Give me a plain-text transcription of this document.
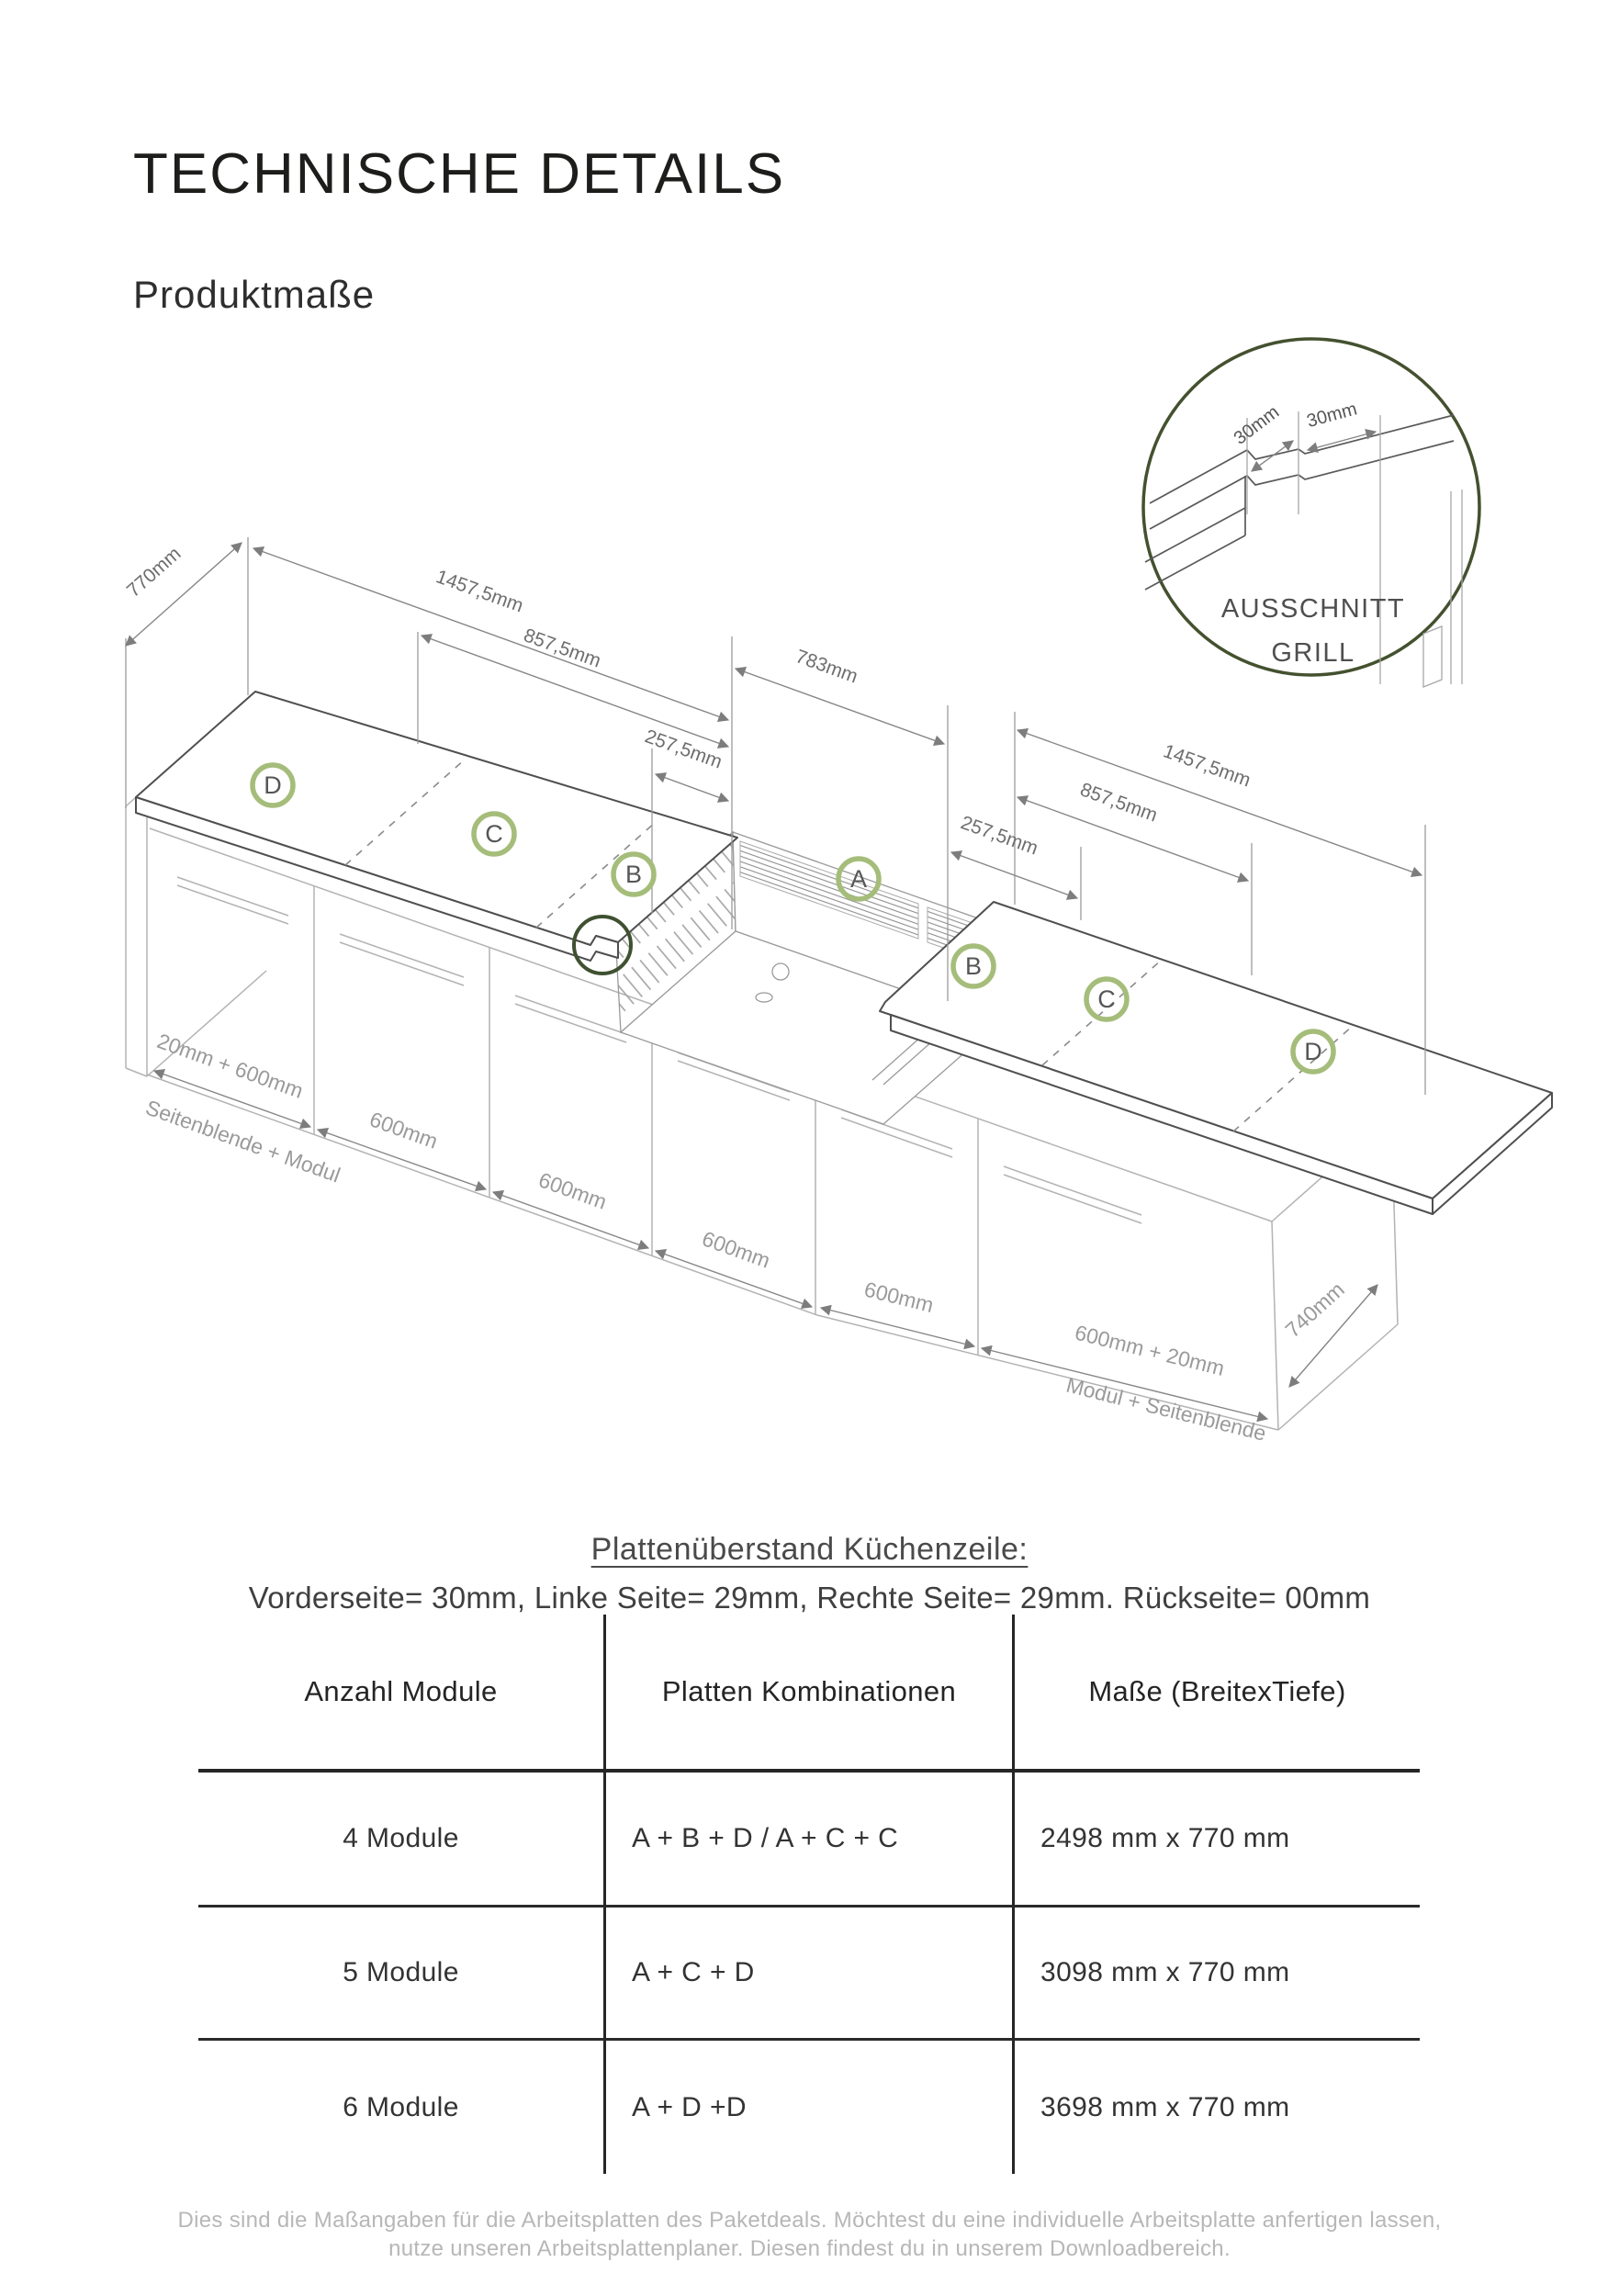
TECHNISCHE DETAILS
Produktmaße
770mm	1457,5mm
857,5mm
257,5mm
783mm
1457,5mm
857,5mm
257,5mm
20mm + 600mm
600mm
600mm
600mm
600mm
600mm + 20mm
Seitenblende + Modul
Modul + Seitenblende
740mm
D
C
B	A
B
C
D
30mm 30mm
AUSSCHNITT
GRILL
Plattenüberstand Küchenzeile:
Vorderseite= 30mm, Linke Seite= 29mm, Rechte Seite= 29mm. Rückseite= 00mm
Anzahl Module	Platten Kombinationen	Maße (BreitexTiefe)
4 Module	A + B + D / A + C + C	2498 mm x 770 mm
5 Module	A + C + D	3098 mm x 770 mm
6 Module	A + D +D	3698 mm x 770 mm
Dies sind die Maßangaben für die Arbeitsplatten des Paketdeals. Möchtest du eine individuelle Arbeitsplatte anfertigen lassen,
nutze unseren Arbeitsplattenplaner. Diesen findest du in unserem Downloadbereich.
